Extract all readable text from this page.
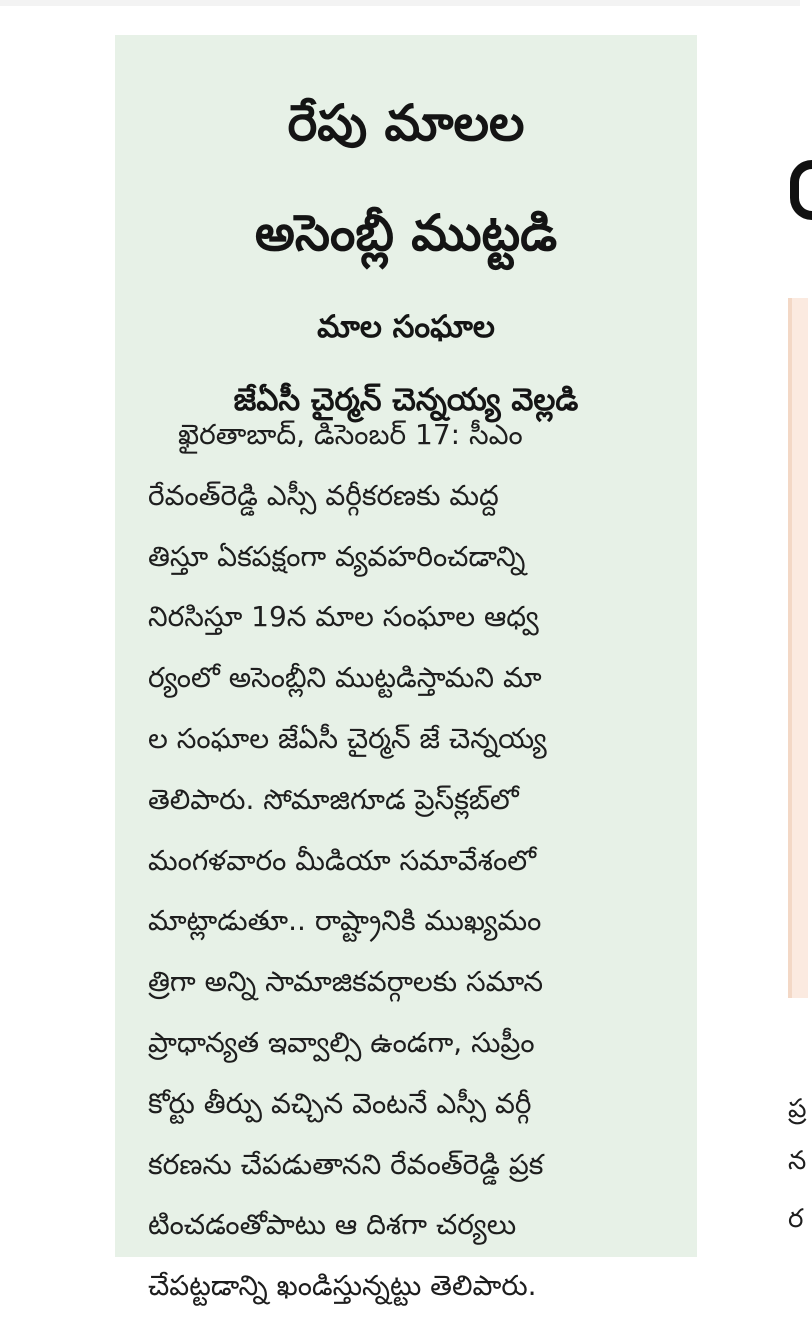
రేపు మాలల
అసెంబ్లీ ముట్టడి
మాల సంఘాల
జేఏసీ చైర్మన్ చెన్నయ్య వెల్లడి
ఖైరతాబాద్, డిసెంబర్ 17: సీఎం
రేవంత్‌రెడ్డి ఎస్సీ వర్గీకరణకు మద్ద
తిస్తూ ఏకపక్షంగా వ్యవహరించడాన్ని
నిరసిస్తూ 19న మాల సంఘాల ఆధ్వ
ర్యంలో అసెంబ్లీని ముట్టడిస్తామని మా
ల సంఘాల జేఏసీ చైర్మన్ జే చెన్నయ్య
తెలిపారు. సోమాజిగూడ ప్రెస్‌క్లబ్‌లో
మంగళవారం మీడియా సమావేశంలో
మాట్లాడుతూ.. రాష్ట్రానికి ముఖ్యమం
త్రిగా అన్ని సామాజికవర్గాలకు సమాన
ప్రాధాన్యత ఇవ్వాల్సి ఉండగా, సుప్రీం
కోర్టు తీర్పు వచ్చిన వెంటనే ఎస్సీ వర్గీ
కరణను చేపడుతానని రేవంత్‌రెడ్డి ప్రక
టించడంతోపాటు ఆ దిశగా చర్యలు
చేపట్టడాన్ని ఖండిస్తున్నట్టు తెలిపారు.
ప్ర
న
ర
